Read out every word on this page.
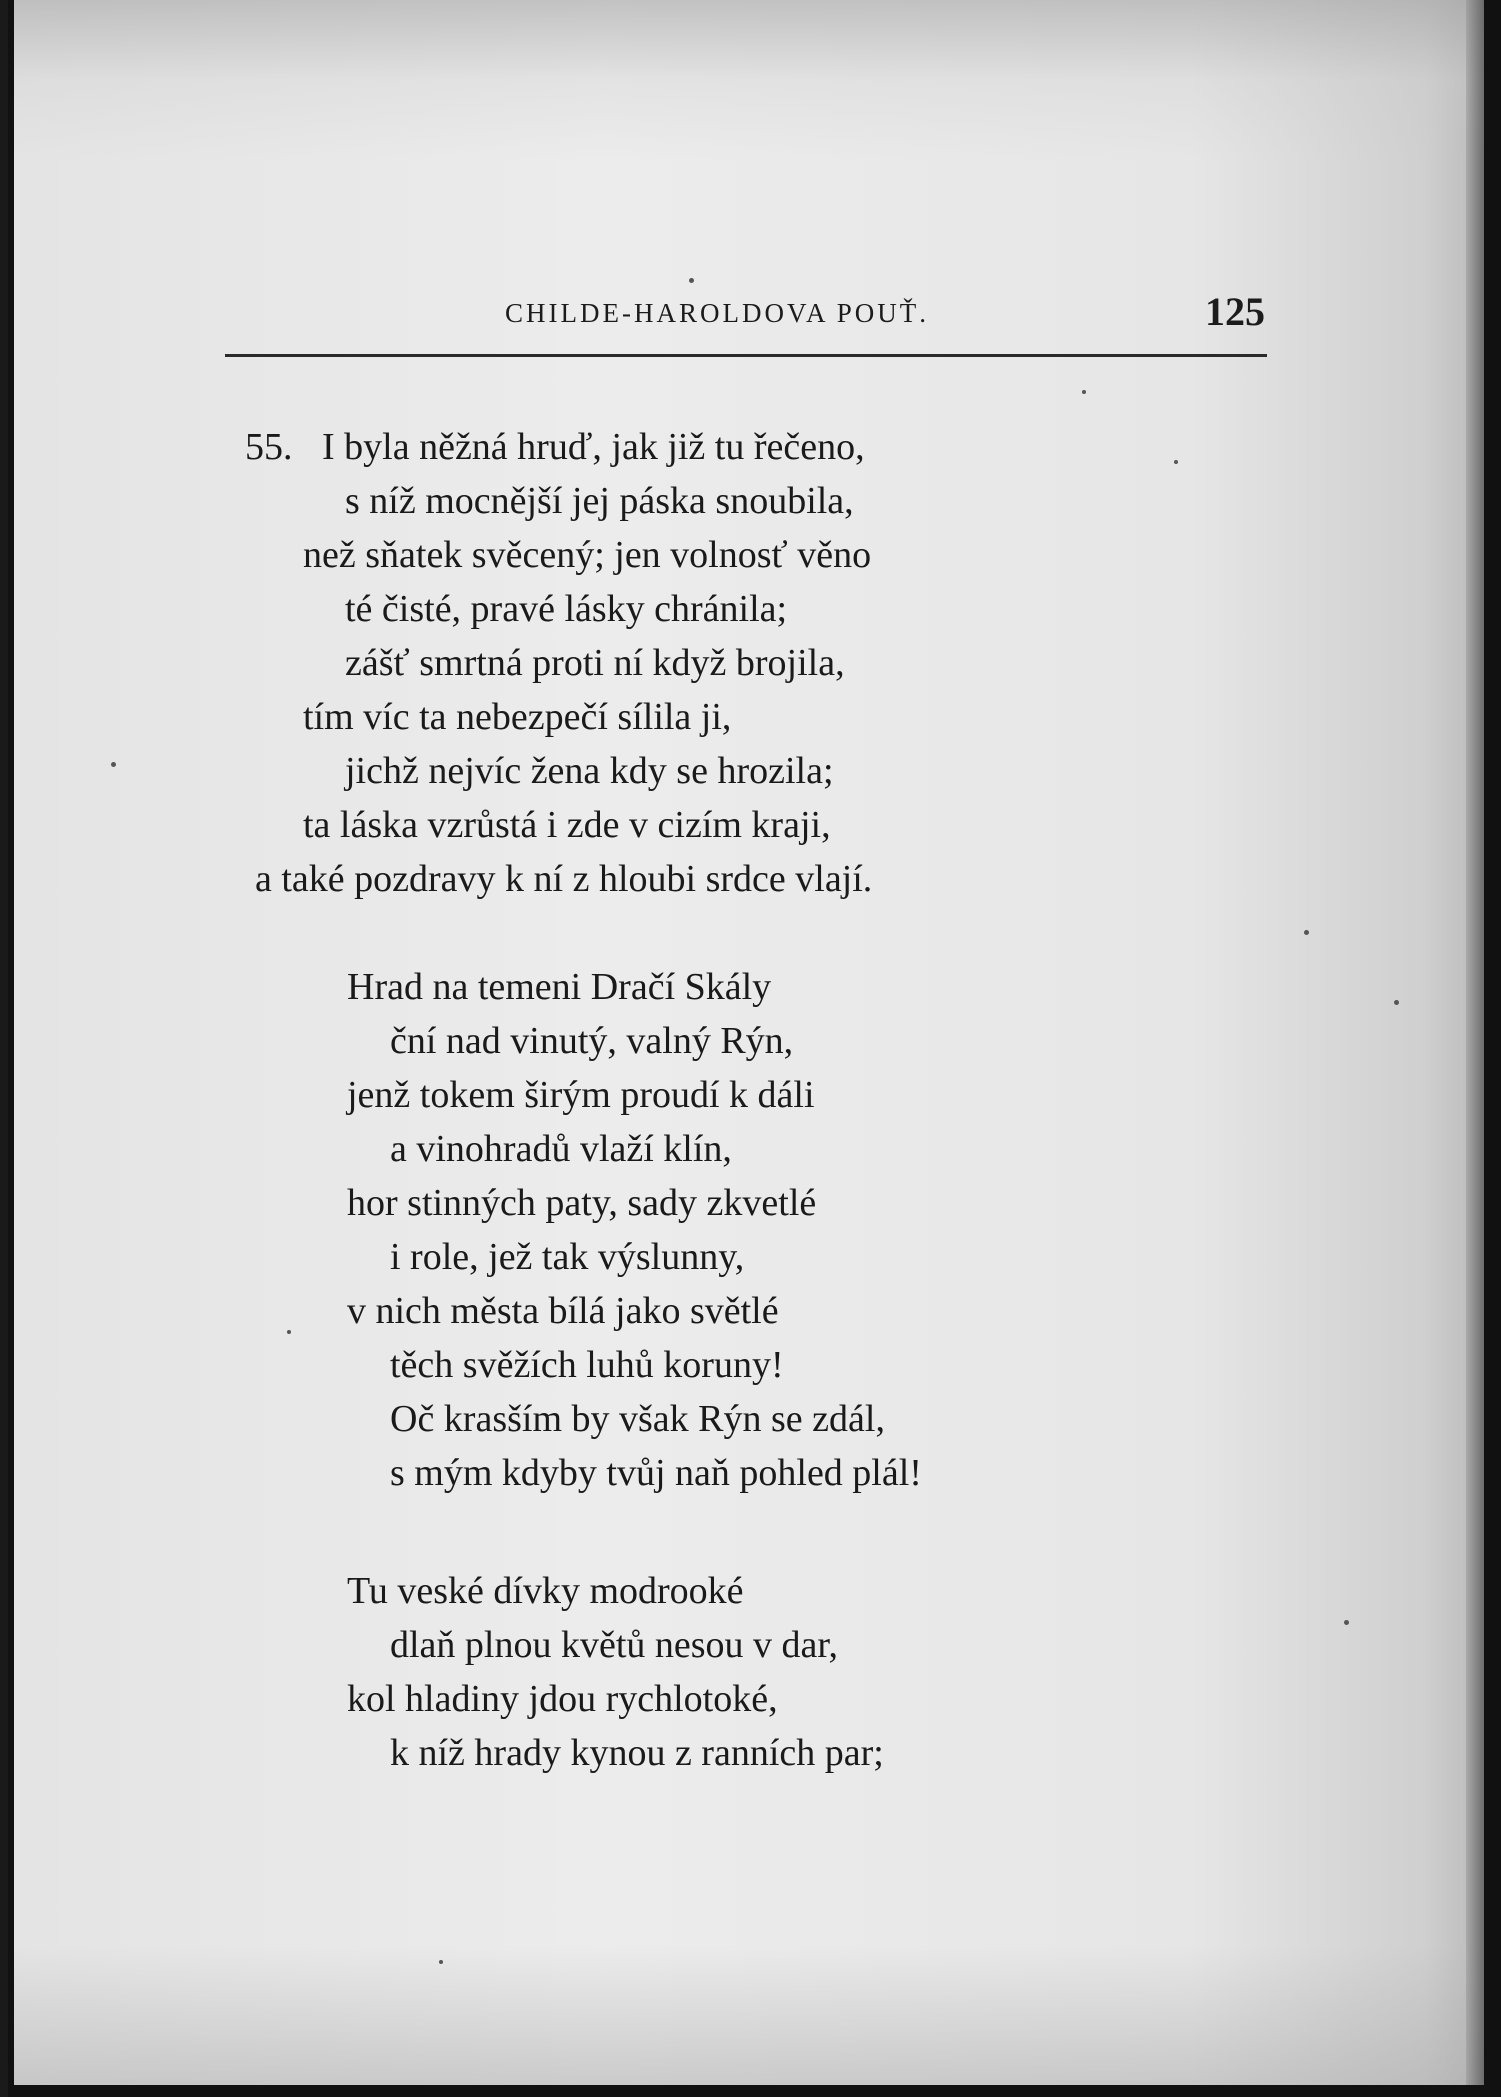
CHILDE-HAROLDOVA POUŤ.	125
55. I byla něžná hruď, jak již tu řečeno,
s níž mocnější jej páska snoubila,
než sňatek svěcený; jen volnosť věno
té čisté, pravé lásky chránila;
zášť smrtná proti ní když brojila,
tím víc ta nebezpečí sílila ji,
jichž nejvíc žena kdy se hrozila;
ta láska vzrůstá i zde v cizím kraji,
a také pozdravy k ní z hloubi srdce vlají.
Hrad na temeni Dračí Skály
ční nad vinutý, valný Rýn,
jenž tokem širým proudí k dáli
a vinohradů vlaží klín,
hor stinných paty, sady zkvetlé
i role, jež tak výslunny,
v nich města bílá jako světlé
těch svěžích luhů koruny!
Oč krasším by však Rýn se zdál,
s mým kdyby tvůj naň pohled plál!
Tu veské dívky modrooké
dlaň plnou květů nesou v dar,
kol hladiny jdou rychlotoké,
k níž hrady kynou z ranních par;
